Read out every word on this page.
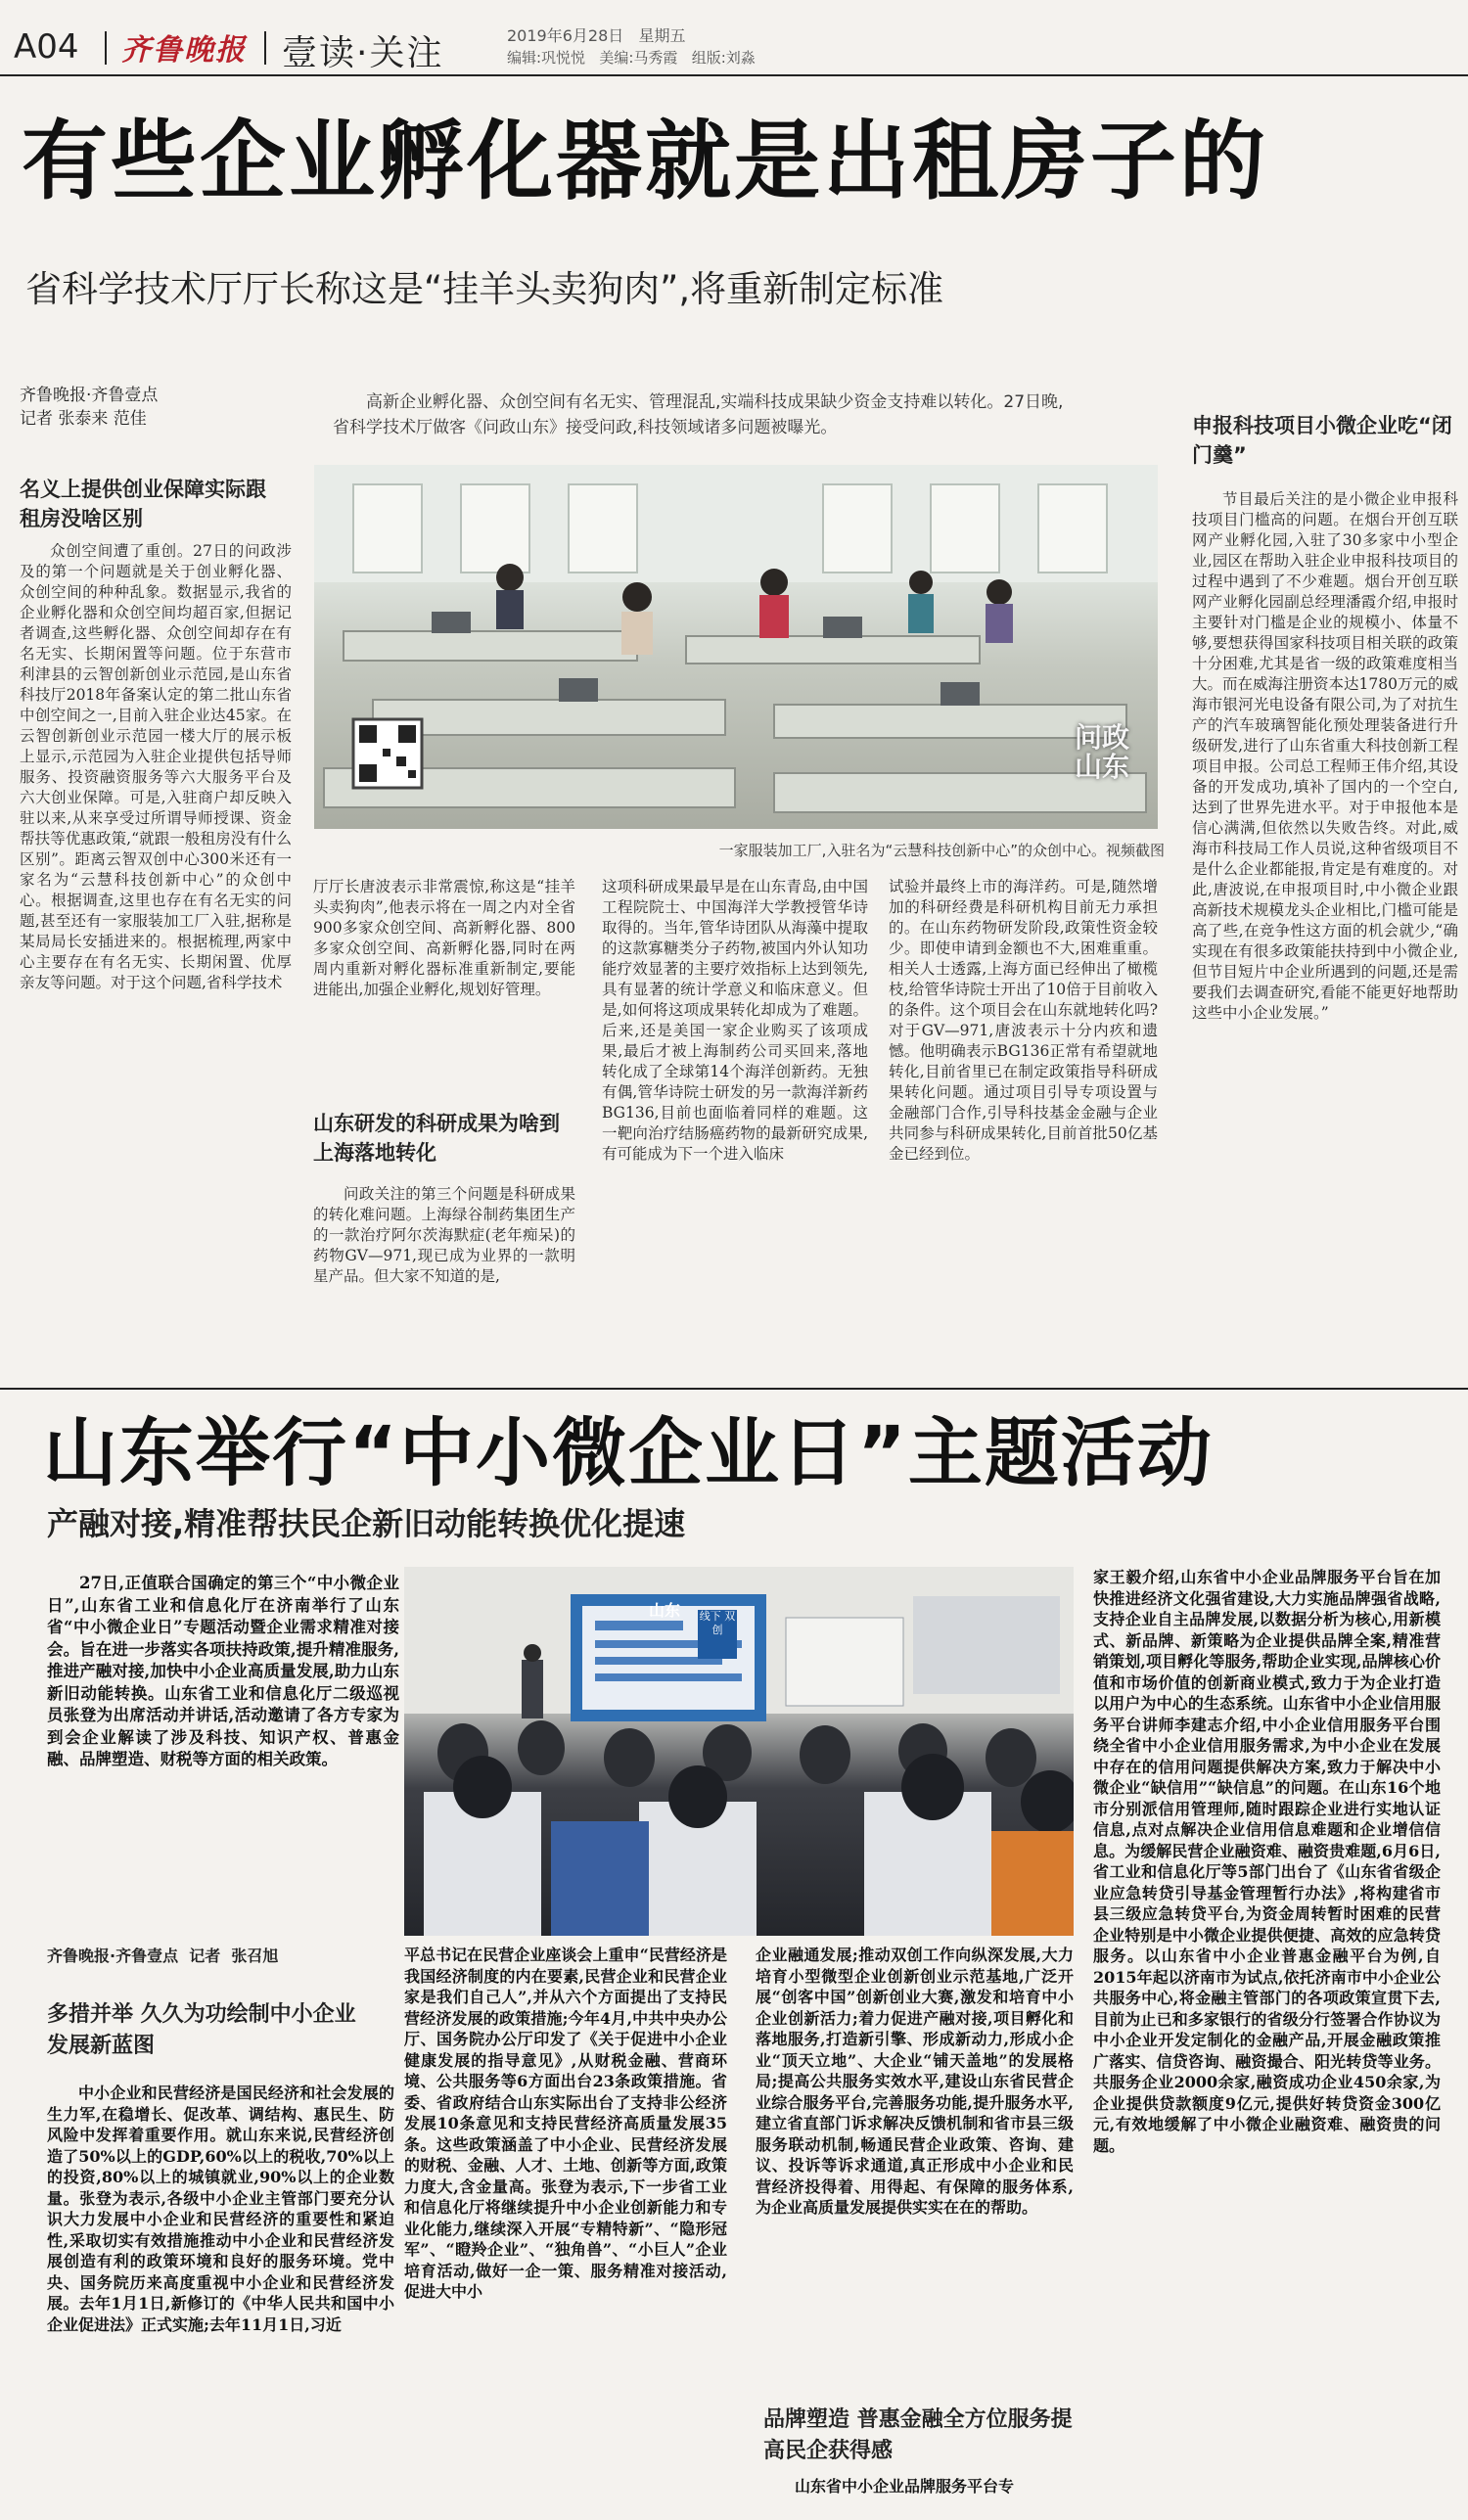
A04 齐鲁晚报 壹读·关注	2019年6月28日 星期五
编辑:巩悦悦   美编:马秀霞   组版:刘淼
有些企业孵化器就是出租房子的
省科学技术厅厅长称这是“挂羊头卖狗肉”,将重新制定标准
齐鲁晚报·齐鲁壹点
记者 张泰来 范佳
高新企业孵化器、众创空间有名无实、管理混乱,实端科技成果缺少资金支持难以转化。27日晚,
省科学技术厅做客《问政山东》接受问政,科技领域诸多问题被曝光。
问政山东
一家服装加工厂,入驻名为“云慧科技创新中心”的众创中心。视频截图
名义上提供创业保障实际跟租房没啥区别

众创空间遭了重创。27日的问政涉及的第一个问题就是关于创业孵化器、众创空间的种种乱象。数据显示,我省的企业孵化器和众创空间均超百家,但据记者调查,这些孵化器、众创空间却存在有名无实、长期闲置等问题。位于东营市利津县的云智创新创业示范园,是山东省科技厅2018年备案认定的第二批山东省中创空间之一,目前入驻企业达45家。在云智创新创业示范园一楼大厅的展示板上显示,示范园为入驻企业提供包括导师服务、投资融资服务等六大服务平台及六大创业保障。可是,入驻商户却反映入驻以来,从来享受过所谓导师授课、资金帮扶等优惠政策,“就跟一般租房没有什么区别”。距离云智双创中心300米还有一家名为“云慧科技创新中心”的众创中心。根据调查,这里也存在有名无实的问题,甚至还有一家服装加工厂入驻,据称是某局局长安插进来的。根据梳理,两家中心主要存在有名无实、长期闲置、优厚亲友等问题。对于这个问题,省科学技术

厅厅长唐波表示非常震惊,称这是“挂羊头卖狗肉”,他表示将在一周之内对全省900多家众创空间、高新孵化器、800多家众创空间、高新孵化器,同时在两周内重新对孵化器标准重新制定,要能进能出,加强企业孵化,规划好管理。

山东研发的科研成果为啥到上海落地转化

问政关注的第三个问题是科研成果的转化难问题。上海绿谷制药集团生产的一款治疗阿尔茨海默症(老年痴呆)的药物GV—971,现已成为业界的一款明星产品。但大家不知道的是,

这项科研成果最早是在山东青岛,由中国工程院院士、中国海洋大学教授管华诗取得的。当年,管华诗团队从海藻中提取的这款寡糖类分子药物,被国内外认知功能疗效显著的主要疗效指标上达到领先,具有显著的统计学意义和临床意义。但是,如何将这项成果转化却成为了难题。后来,还是美国一家企业购买了该项成果,最后才被上海制药公司买回来,落地转化成了全球第14个海洋创新药。无独有偶,管华诗院士研发的另一款海洋新药BG136,目前也面临着同样的难题。这一靶向治疗结肠癌药物的最新研究成果,有可能成为下一个进入临床

试验并最终上市的海洋药。可是,随然增加的科研经费是科研机构目前无力承担的。在山东药物研发阶段,政策性资金较少。即使申请到金额也不大,困难重重。相关人士透露,上海方面已经伸出了橄榄枝,给管华诗院士开出了10倍于目前收入的条件。这个项目会在山东就地转化吗?对于GV—971,唐波表示十分内疚和遗憾。他明确表示BG136正常有希望就地转化,目前省里已在制定政策指导科研成果转化问题。通过项目引导专项设置与金融部门合作,引导科技基金金融与企业共同参与科研成果转化,目前首批50亿基金已经到位。

申报科技项目小微企业吃“闭门羹”

节目最后关注的是小微企业申报科技项目门槛高的问题。在烟台开创互联网产业孵化园,入驻了30多家中小型企业,园区在帮助入驻企业申报科技项目的过程中遇到了不少难题。烟台开创互联网产业孵化园副总经理潘霞介绍,申报时主要针对门槛是企业的规模小、体量不够,要想获得国家科技项目相关联的政策十分困难,尤其是省一级的政策难度相当大。而在威海注册资本达1780万元的威海市银河光电设备有限公司,为了对抗生产的汽车玻璃智能化预处理装备进行升级研发,进行了山东省重大科技创新工程项目申报。公司总工程师王伟介绍,其设备的开发成功,填补了国内的一个空白,达到了世界先进水平。对于申报他本是信心满满,但依然以失败告终。对此,威海市科技局工作人员说,这种省级项目不是什么企业都能报,肯定是有难度的。对此,唐波说,在申报项目时,中小微企业跟高新技术规模龙头企业相比,门槛可能是高了些,在竞争性这方面的机会就少,“确实现在有很多政策能扶持到中小微企业,但节目短片中企业所遇到的问题,还是需要我们去调查研究,看能不能更好地帮助这些中小企业发展。”

山东举行“中小微企业日”主题活动
产融对接,精准帮扶民企新旧动能转换优化提速

27日,正值联合国确定的第三个“中小微企业日”,山东省工业和信息化厅在济南举行了山东省“中小微企业日”专题活动暨企业需求精准对接会。旨在进一步落实各项扶持政策,提升精准服务,推进产融对接,加快中小企业高质量发展,助力山东新旧动能转换。山东省工业和信息化厅二级巡视员张登为出席活动并讲话,活动邀请了各方专家为到会企业解读了涉及科技、知识产权、普惠金融、品牌塑造、财税等方面的相关政策。

山东 线下 双创
齐鲁晚报·齐鲁壹点  记者  张召旭
多措并举 久久为功绘制中小企业发展新蓝图

中小企业和民营经济是国民经济和社会发展的生力军,在稳增长、促改革、调结构、惠民生、防风险中发挥着重要作用。就山东来说,民营经济创造了50%以上的GDP,60%以上的税收,70%以上的投资,80%以上的城镇就业,90%以上的企业数量。张登为表示,各级中小企业主管部门要充分认识大力发展中小企业和民营经济的重要性和紧迫性,采取切实有效措施推动中小企业和民营经济发展创造有利的政策环境和良好的服务环境。党中央、国务院历来高度重视中小企业和民营经济发展。去年1月1日,新修订的《中华人民共和国中小企业促进法》正式实施;去年11月1日,习近

平总书记在民营企业座谈会上重申“民营经济是我国经济制度的内在要素,民营企业和民营企业家是我们自己人”,并从六个方面提出了支持民营经济发展的政策措施;今年4月,中共中央办公厅、国务院办公厅印发了《关于促进中小企业健康发展的指导意见》,从财税金融、营商环境、公共服务等6方面出台23条政策措施。省委、省政府结合山东实际出台了支持非公经济发展10条意见和支持民营经济高质量发展35条。这些政策涵盖了中小企业、民营经济发展的财税、金融、人才、土地、创新等方面,政策力度大,含金量高。张登为表示,下一步省工业和信息化厅将继续提升中小企业创新能力和专业化能力,继续深入开展“专精特新”、“隐形冠军”、“瞪羚企业”、“独角兽”、“小巨人”企业培育活动,做好一企一策、服务精准对接活动,促进大中小

企业融通发展;推动双创工作向纵深发展,大力培育小型微型企业创新创业示范基地,广泛开展“创客中国”创新创业大赛,激发和培育中小企业创新活力;着力促进产融对接,项目孵化和落地服务,打造新引擎、形成新动力,形成小企业“顶天立地”、大企业“铺天盖地”的发展格局;提高公共服务实效水平,建设山东省民营企业综合服务平台,完善服务功能,提升服务水平,建立省直部门诉求解决反馈机制和省市县三级服务联动机制,畅通民营企业政策、咨询、建议、投诉等诉求通道,真正形成中小企业和民营经济投得着、用得起、有保障的服务体系,为企业高质量发展提供实实在在的帮助。

品牌塑造 普惠金融全方位服务提高民企获得感
山东省中小企业品牌服务平台专

家王毅介绍,山东省中小企业品牌服务平台旨在加快推进经济文化强省建设,大力实施品牌强省战略,支持企业自主品牌发展,以数据分析为核心,用新模式、新品牌、新策略为企业提供品牌全案,精准营销策划,项目孵化等服务,帮助企业实现,品牌核心价值和市场价值的创新商业模式,致力于为企业打造以用户为中心的生态系统。山东省中小企业信用服务平台讲师李建志介绍,中小企业信用服务平台围绕全省中小企业信用服务需求,为中小企业在发展中存在的信用问题提供解决方案,致力于解决中小微企业“缺信用”“缺信息”的问题。在山东16个地市分别派信用管理师,随时跟踪企业进行实地认证信息,点对点解决企业信用信息难题和企业增信信息。为缓解民营企业融资难、融资贵难题,6月6日,省工业和信息化厅等5部门出台了《山东省省级企业应急转贷引导基金管理暂行办法》,将构建省市县三级应急转贷平台,为资金周转暂时困难的民营企业特别是中小微企业提供便捷、高效的应急转贷服务。以山东省中小企业普惠金融平台为例,自2015年起以济南市为试点,依托济南市中小企业公共服务中心,将金融主管部门的各项政策宣贯下去,目前为止已和多家银行的省级分行签署合作协议为中小企业开发定制化的金融产品,开展金融政策推广落实、信贷咨询、融资撮合、阳光转贷等业务。共服务企业2000余家,融资成功企业450余家,为企业提供贷款额度9亿元,提供好转贷资金300亿元,有效地缓解了中小微企业融资难、融资贵的问题。
